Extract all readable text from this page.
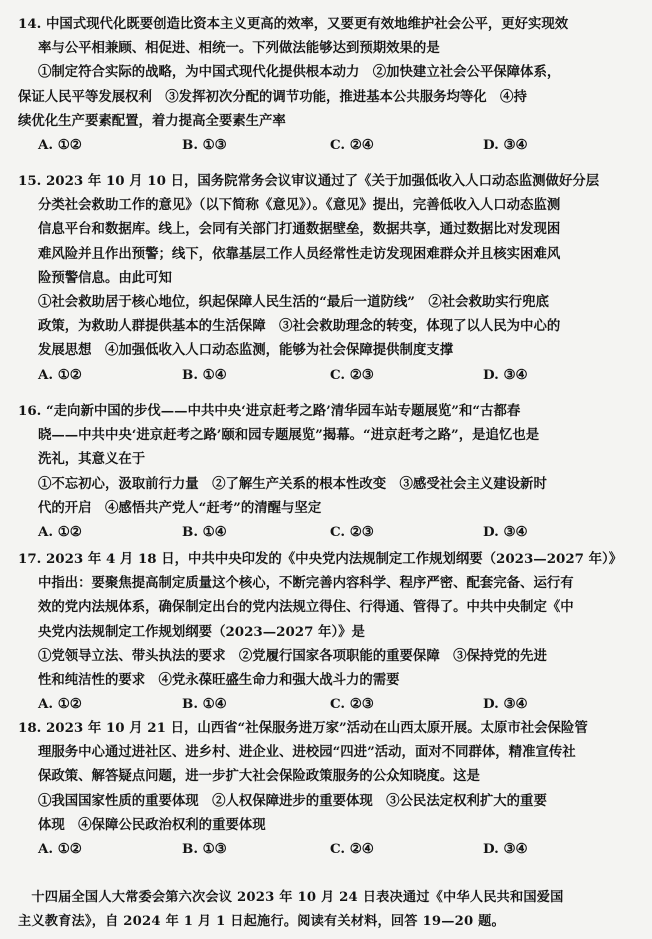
14. 中国式现代化既要创造比资本主义更高的效率，又要更有效地维护社会公平，更好实现效
率与公平相兼顾、相促进、相统一。下列做法能够达到预期效果的是
①制定符合实际的战略，为中国式现代化提供根本动力　②加快建立社会公平保障体系，
保证人民平等发展权利　③发挥初次分配的调节功能，推进基本公共服务均等化　④持
续优化生产要素配置，着力提高全要素生产率
A. ①②	B. ①③	C. ②④	D. ③④
15. 2023 年 10 月 10 日，国务院常务会议审议通过了《关于加强低收入人口动态监测做好分层
分类社会救助工作的意见》（以下简称《意见》）。《意见》提出，完善低收入人口动态监测
信息平台和数据库。线上，会同有关部门打通数据壁垒，数据共享，通过数据比对发现困
难风险并且作出预警；线下，依靠基层工作人员经常性走访发现困难群众并且核实困难风
险预警信息。由此可知
①社会救助居于核心地位，织起保障人民生活的“最后一道防线”　②社会救助实行兜底
政策，为救助人群提供基本的生活保障　③社会救助理念的转变，体现了以人民为中心的
发展思想　④加强低收入人口动态监测，能够为社会保障提供制度支撑
A. ①②	B. ①④	C. ②③	D. ③④
16. “走向新中国的步伐——中共中央‘进京赶考之路’清华园车站专题展览”和“古都春
晓——中共中央‘进京赶考之路’颐和园专题展览”揭幕。“进京赶考之路”，是追忆也是
洗礼，其意义在于
①不忘初心，汲取前行力量　②了解生产关系的根本性改变　③感受社会主义建设新时
代的开启　④感悟共产党人“赶考”的清醒与坚定
A. ①②	B. ①④	C. ②③	D. ③④
17. 2023 年 4 月 18 日，中共中央印发的《中央党内法规制定工作规划纲要（2023—2027 年）》
中指出：要聚焦提高制定质量这个核心，不断完善内容科学、程序严密、配套完备、运行有
效的党内法规体系，确保制定出台的党内法规立得住、行得通、管得了。中共中央制定《中
央党内法规制定工作规划纲要（2023—2027 年）》是
①党领导立法、带头执法的要求　②党履行国家各项职能的重要保障　③保持党的先进
性和纯洁性的要求　④党永葆旺盛生命力和强大战斗力的需要
A. ①②	B. ①④	C. ②③	D. ③④
18. 2023 年 10 月 21 日，山西省“社保服务进万家”活动在山西太原开展。太原市社会保险管
理服务中心通过进社区、进乡村、进企业、进校园“四进”活动，面对不同群体，精准宣传社
保政策、解答疑点问题，进一步扩大社会保险政策服务的公众知晓度。这是
①我国国家性质的重要体现　②人权保障进步的重要体现　③公民法定权利扩大的重要
体现　④保障公民政治权利的重要体现
A. ①②	B. ①③	C. ②④	D. ③④
　十四届全国人大常委会第六次会议 2023 年 10 月 24 日表决通过《中华人民共和国爱国
主义教育法》，自 2024 年 1 月 1 日起施行。阅读有关材料，回答 19—20 题。
